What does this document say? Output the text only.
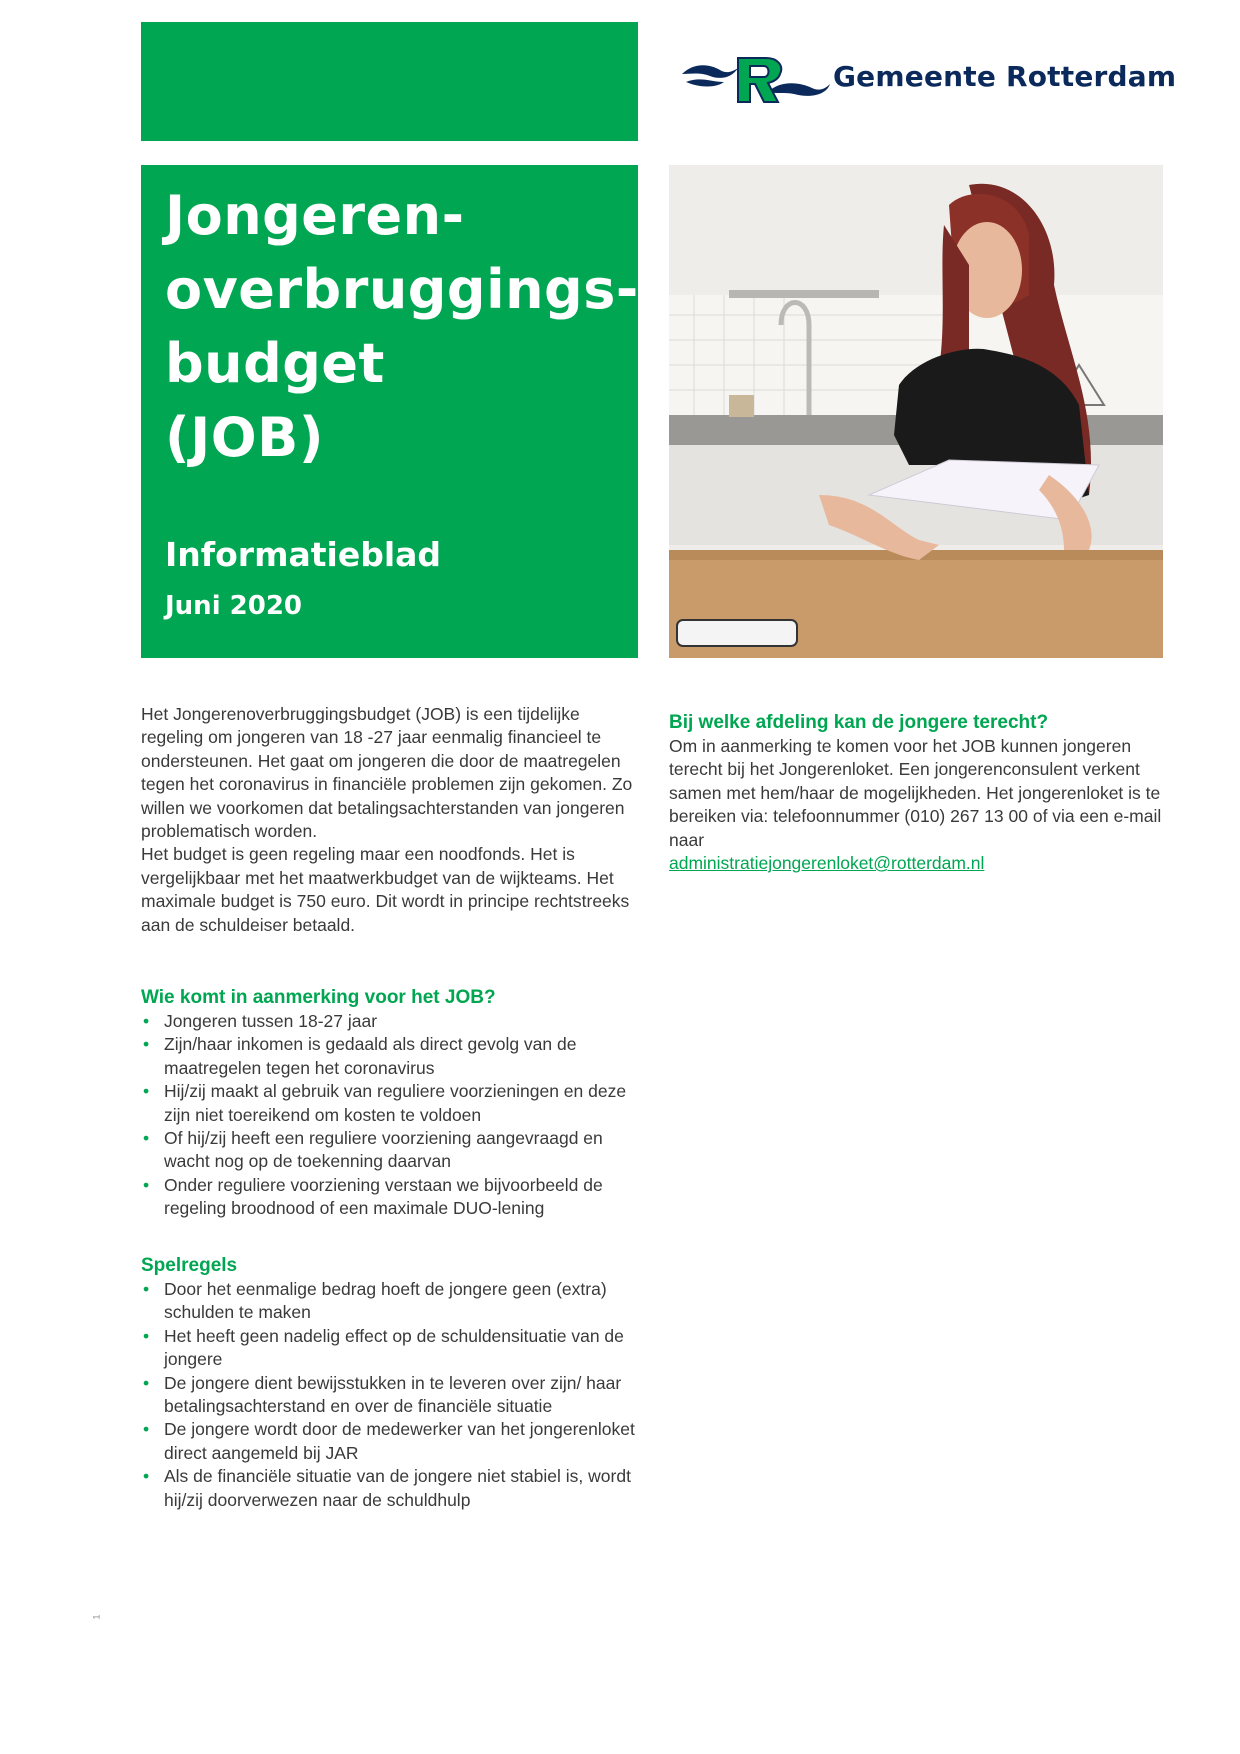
Gemeente Rotterdam
Jongeren-
overbruggings-
budget
(JOB)
Informatieblad
Juni 2020

Het Jongerenoverbruggingsbudget (JOB) is een tijdelijke regeling om jongeren van 18 -27 jaar eenmalig financieel te ondersteunen. Het gaat om jongeren die door de maatregelen tegen het coronavirus in financiële problemen zijn gekomen. Zo willen we voorkomen dat betalingsachterstanden van jongeren problematisch worden.

Het budget is geen regeling maar een noodfonds. Het is vergelijkbaar met het maatwerkbudget van de wijkteams. Het maximale budget is 750 euro. Dit wordt in principe rechtstreeks aan de schuldeiser betaald.

Wie komt in aanmerking voor het JOB?
• Jongeren tussen 18-27 jaar
• Zijn/haar inkomen is gedaald als direct gevolg van de maatregelen tegen het coronavirus
• Hij/zij maakt al gebruik van reguliere voorzieningen en deze zijn niet toereikend om kosten te voldoen
• Of hij/zij heeft een reguliere voorziening aangevraagd en wacht nog op de toekenning daarvan
• Onder reguliere voorziening verstaan we bijvoorbeeld de regeling broodnood of een maximale DUO-lening
Spelregels
• Door het eenmalige bedrag hoeft de jongere geen (extra) schulden te maken
• Het heeft geen nadelig effect op de schuldensituatie van de jongere
• De jongere dient bewijsstukken in te leveren over zijn/ haar betalingsachterstand en over de financiële situatie
• De jongere wordt door de medewerker van het jongerenloket direct aangemeld bij JAR
• Als de financiële situatie van de jongere niet stabiel is, wordt hij/zij doorverwezen naar de schuldhulp
Bij welke afdeling kan de jongere terecht?

Om in aanmerking te komen voor het JOB kunnen jongeren terecht bij het Jongerenloket. Een jongerenconsulent verkent samen met hem/haar de mogelijkheden. Het jongerenloket is te bereiken via: telefoonnummer (010) 267 13 00 of via een e-mail naar
administratiejongerenloket@rotterdam.nl

1
